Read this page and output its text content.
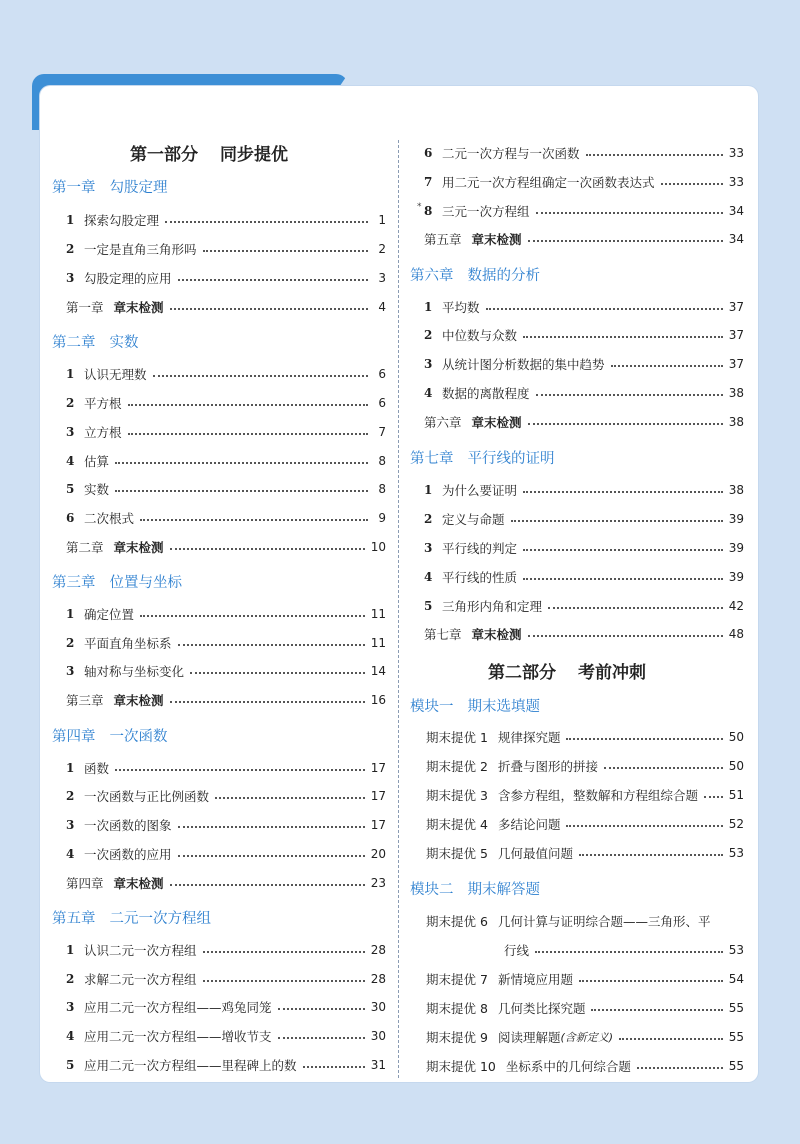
第一部分 同步提优
第一章 勾股定理
1 探索勾股定理	1
2 一定是直角三角形吗	2
3 勾股定理的应用	3
第一章 章末检测	4
第二章 实数
1 认识无理数	6
2 平方根	6
3 立方根	7
4 估算	8
5 实数	8
6 二次根式	9
第二章 章末检测	10
第三章 位置与坐标
1 确定位置	11
2 平面直角坐标系	11
3 轴对称与坐标变化	14
第三章 章末检测	16
第四章 一次函数
1 函数	17
2 一次函数与正比例函数	17
3 一次函数的图象	17
4 一次函数的应用	20
第四章 章末检测	23
第五章 二元一次方程组
1 认识二元一次方程组	28
2 求解二元一次方程组	28
3 应用二元一次方程组——鸡兔同笼	30
4 应用二元一次方程组——增收节支	30
5 应用二元一次方程组——里程碑上的数	31
6 二元一次方程与一次函数	33
7 用二元一次方程组确定一次函数表达式	33
* 8 三元一次方程组	34
第五章 章末检测	34
第六章 数据的分析
1 平均数	37
2 中位数与众数	37
3 从统计图分析数据的集中趋势	37
4 数据的离散程度	38
第六章 章末检测	38
第七章 平行线的证明
1 为什么要证明	38
2 定义与命题	39
3 平行线的判定	39
4 平行线的性质	39
5 三角形内角和定理	42
第七章 章末检测	48
第二部分 考前冲刺
模块一 期末选填题
期末提优 1 规律探究题	50
期末提优 2 折叠与图形的拼接	50
期末提优 3 含参方程组，整数解和方程组综合题	51
期末提优 4 多结论问题	52
期末提优 5 几何最值问题	53
模块二 期末解答题
期末提优 6 几何计算与证明综合题——三角形、平
行线	53
期末提优 7 新情境应用题	54
期末提优 8 几何类比探究题	55
期末提优 9 阅读理解题 (含新定义)	55
期末提优 10 坐标系中的几何综合题	55
